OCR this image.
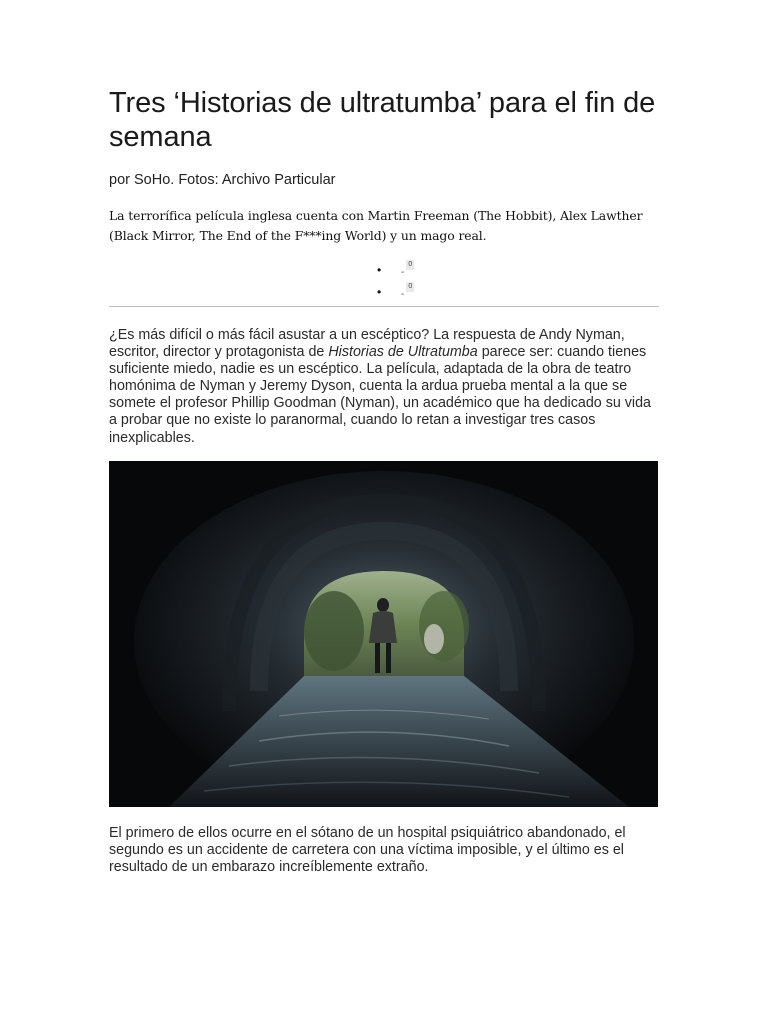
Tres ‘Historias de ultratumba’ para el fin de semana
por SoHo. Fotos: Archivo Particular
La terrorífica película inglesa cuenta con Martin Freeman (The Hobbit), Alex Lawther (Black Mirror, The End of the F***ing World) y un mago real.
•	-
0
•	-
0

¿Es más difícil o más fácil asustar a un escéptico? La respuesta de Andy Nyman, escritor, director y protagonista de Historias de Ultratumba parece ser: cuando tienes suficiente miedo, nadie es un escéptico. La película, adaptada de la obra de teatro homónima de Nyman y Jeremy Dyson, cuenta la ardua prueba mental a la que se somete el profesor Phillip Goodman (Nyman), un académico que ha dedicado su vida a probar que no existe lo paranormal, cuando lo retan a investigar tres casos inexplicables.

El primero de ellos ocurre en el sótano de un hospital psiquiátrico abandonado, el segundo es un accidente de carretera con una víctima imposible, y el último es el resultado de un embarazo increíblemente extraño.
